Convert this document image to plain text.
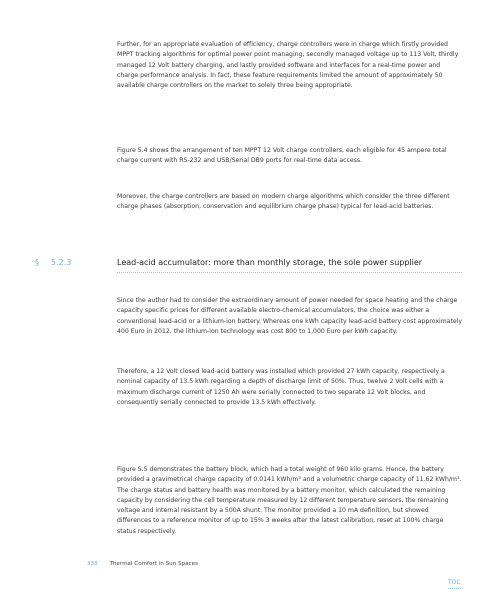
Further, for an appropriate evaluation of efficiency, charge controllers were in charge which firstly provided MPPT tracking algorithms for optimal power point managing, secondly managed voltage up to 113 Volt, thirdly managed 12 Volt battery charging, and lastly provided software and interfaces for a real-time power and charge performance analysis. In fact, these feature requirements limited the amount of approximately 50 available charge controllers on the market to solely three being appropriate.

Figure 5.4 shows the arrangement of ten MPPT 12 Volt charge controllers, each eligible for 45 ampere total charge current with RS-232 and USB/Serial DB9 ports for real-time data access.

Moreover, the charge controllers are based on modern charge algorithms which consider the three different charge phases (absorption, conservation and equilibrium charge phase) typical for lead-acid batteries.

§ 5.2.3	Lead-acid accumulator: more than monthly storage, the sole power supplier

Since the author had to consider the extraordinary amount of power needed for space heating and the charge capacity specific prices for different available electro-chemical accumulators, the choice was either a conventional lead-acid or a lithium-ion battery. Whereas one kWh capacity lead-acid battery cost approximately 400 Euro in 2012, the lithium-ion technology was cost 800 to 1,000 Euro per kWh capacity.

Therefore, a 12 Volt closed lead-acid battery was installed which provided 27 kWh capacity, respectively a nominal capacity of 13.5 kWh regarding a depth of discharge limit of 50%. Thus, twelve 2 Volt cells with a maximum discharge current of 1250 Ah were serially connected to two separate 12 Volt blocks, and consequently serially connected to provide 13.5 kWh effectively.

Figure 5.5 demonstrates the battery block, which had a total weight of 960 kilo grams. Hence, the battery provided a gravimetrical charge capacity of 0.0141 kWh/m³ and a volumetric charge capacity of 11.62 kWh/m³. The charge status and battery health was monitored by a battery monitor, which calculated the remaining capacity by considering the cell temperature measured by 12 different temperature sensors, the remaining voltage and internal resistant by a 500A shunt. The monitor provided a 10 mA definition, but showed differences to a reference monitor of up to 15% 3 weeks after the latest calibration, reset at 100% charge status respectively.

338 Thermal Comfort in Sun Spaces
TOC
